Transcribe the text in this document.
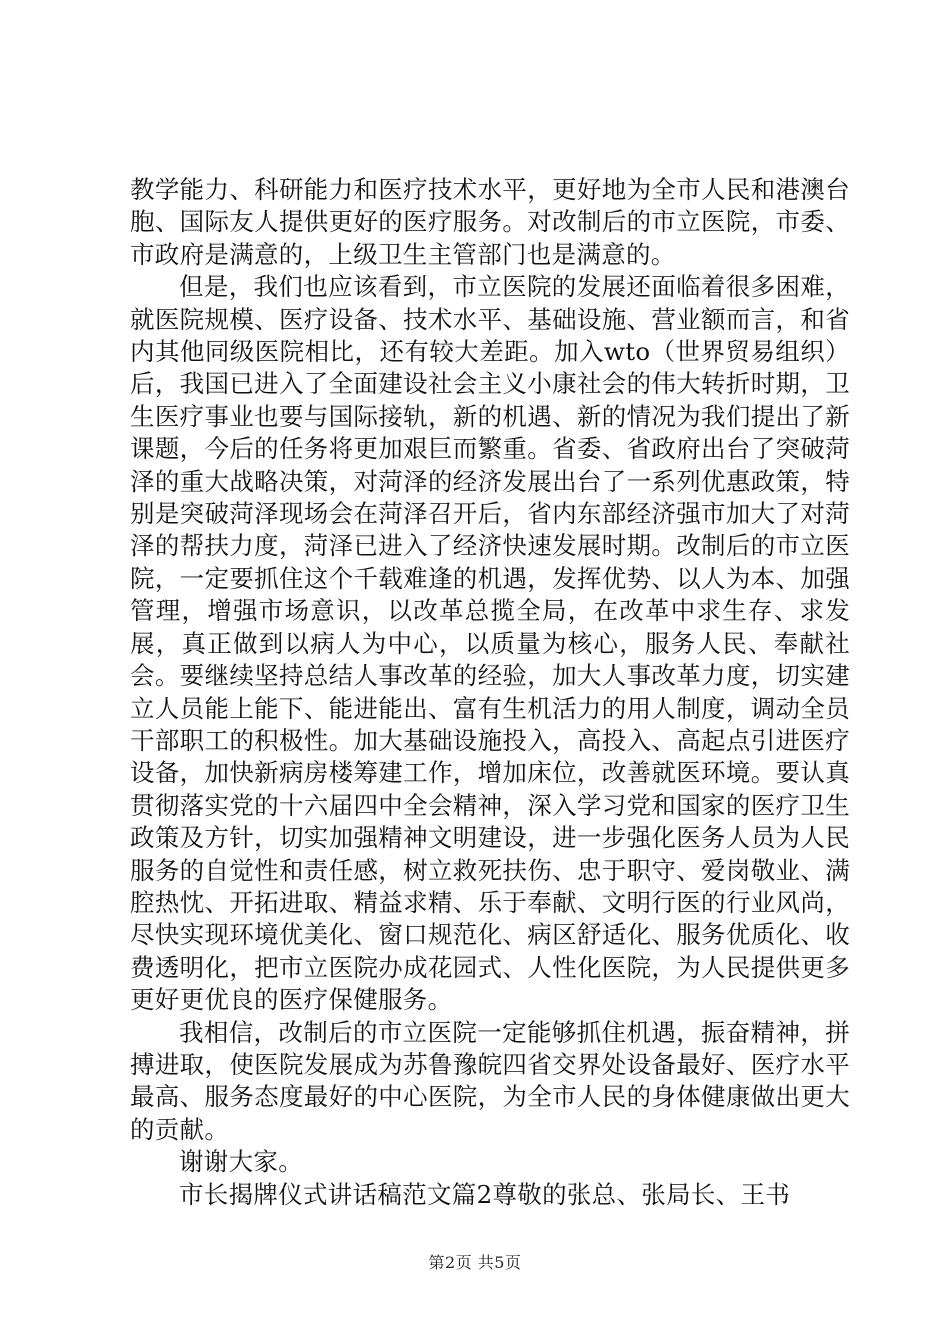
教学能力、科研能力和医疗技术水平，更好地为全市人民和港澳台胞、国际友人提供更好的医疗服务。对改制后的市立医院，市委、市政府是满意的，上级卫生主管部门也是满意的。

但是，我们也应该看到，市立医院的发展还面临着很多困难，就医院规模、医疗设备、技术水平、基础设施、营业额而言，和省内其他同级医院相比，还有较大差距。加入wto（世界贸易组织）后，我国已进入了全面建设社会主义小康社会的伟大转折时期，卫生医疗事业也要与国际接轨，新的机遇、新的情况为我们提出了新课题，今后的任务将更加艰巨而繁重。省委、省政府出台了突破菏泽的重大战略决策，对菏泽的经济发展出台了一系列优惠政策，特别是突破菏泽现场会在菏泽召开后，省内东部经济强市加大了对菏泽的帮扶力度，菏泽已进入了经济快速发展时期。改制后的市立医院，一定要抓住这个千载难逢的机遇，发挥优势、以人为本、加强管理，增强市场意识，以改革总揽全局，在改革中求生存、求发展，真正做到以病人为中心，以质量为核心，服务人民、奉献社会。要继续坚持总结人事改革的经验，加大人事改革力度，切实建立人员能上能下、能进能出、富有生机活力的用人制度，调动全员干部职工的积极性。加大基础设施投入，高投入、高起点引进医疗设备，加快新病房楼筹建工作，增加床位，改善就医环境。要认真贯彻落实党的十六届四中全会精神，深入学习党和国家的医疗卫生政策及方针，切实加强精神文明建设，进一步强化医务人员为人民服务的自觉性和责任感，树立救死扶伤、忠于职守、爱岗敬业、满腔热忱、开拓进取、精益求精、乐于奉献、文明行医的行业风尚，尽快实现环境优美化、窗口规范化、病区舒适化、服务优质化、收费透明化，把市立医院办成花园式、人性化医院，为人民提供更多更好更优良的医疗保健服务。

我相信，改制后的市立医院一定能够抓住机遇，振奋精神，拼搏进取，使医院发展成为苏鲁豫皖四省交界处设备最好、医疗水平最高、服务态度最好的中心医院，为全市人民的身体健康做出更大的贡献。

谢谢大家。

市长揭牌仪式讲话稿范文篇2尊敬的张总、张局长、王书

第2页 共5页
